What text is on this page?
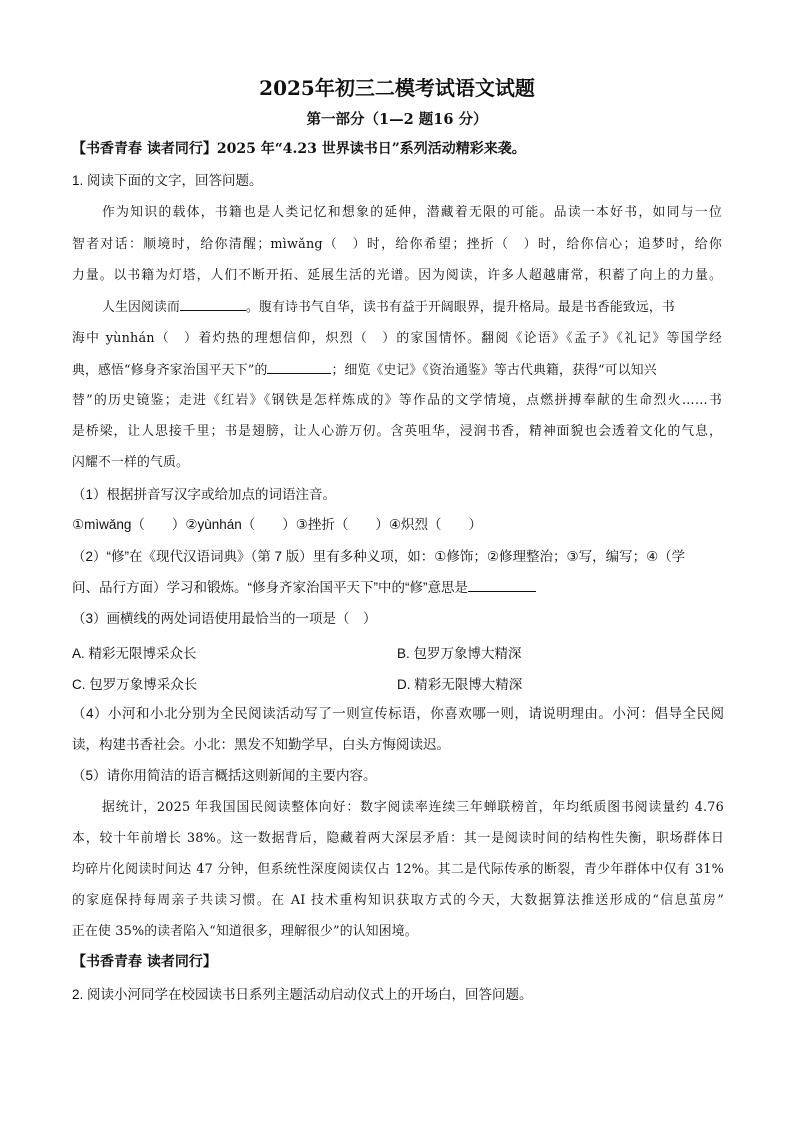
2025年初三二模考试语文试题
第一部分（1—2 题16 分）
【书香青春 读者同行】2025 年“4.23 世界读书日”系列活动精彩来袭。
1. 阅读下面的文字，回答问题。
作为知识的载体，书籍也是人类记忆和想象的延伸，潜藏着无限的可能。品读一本好书，如同与一位
智者对话：顺境时，给你清醒；mìwǎng（　）时，给你希望；挫折（　）时，给你信心；追梦时，给你
力量。以书籍为灯塔，人们不断开拓、延展生活的光谱。因为阅读，许多人超越庸常，积蓄了向上的力量。
人生因阅读而	。腹有诗书气自华，读书有益于开阔眼界，提升格局。最是书香能致远，书
海中 yùnhán（　）着灼热的理想信仰，炽烈（　）的家国情怀。翻阅《论语》《孟子》《礼记》等国学经
典，感悟“修身齐家治国平天下”的	；细览《史记》《资治通鉴》等古代典籍，获得“可以知兴
替”的历史镜鉴；走进《红岩》《钢铁是怎样炼成的》等作品的文学情境，点燃拼搏奉献的生命烈火……书
是桥梁，让人思接千里；书是翅膀，让人心游万仞。含英咀华，浸润书香，精神面貌也会透着文化的气息，
闪耀不一样的气质。
（1）根据拼音写汉字或给加点的词语注音。
①mìwǎng（　　）②yùnhán（　　）③挫折（　　）④炽烈（　　）
（2）“修”在《现代汉语词典》（第 7 版）里有多种义项，如：①修饰；②修理整治；③写，编写；④（学
问、品行方面）学习和锻炼。“修身齐家治国平天下”中的“修”意思是
（3）画横线的两处词语使用最恰当的一项是（　）
A. 精彩无限博采众长	B. 包罗万象博大精深
C. 包罗万象博采众长	D. 精彩无限博大精深
（4）小河和小北分别为全民阅读活动写了一则宣传标语，你喜欢哪一则，请说明理由。小河：倡导全民阅
读，构建书香社会。小北：黑发不知勤学早，白头方悔阅读迟。
（5）请你用简洁的语言概括这则新闻的主要内容。
据统计，2025 年我国国民阅读整体向好：数字阅读率连续三年蝉联榜首，年均纸质图书阅读量约 4.76
本，较十年前增长 38%。这一数据背后，隐藏着两大深层矛盾：其一是阅读时间的结构性失衡，职场群体日
均碎片化阅读时间达 47 分钟，但系统性深度阅读仅占 12%。其二是代际传承的断裂，青少年群体中仅有 31%
的家庭保持每周亲子共读习惯。在 AI 技术重构知识获取方式的今天，大数据算法推送形成的“信息茧房”
正在使 35%的读者陷入“知道很多，理解很少”的认知困境。
【书香青春 读者同行】
2. 阅读小河同学在校园读书日系列主题活动启动仪式上的开场白，回答问题。
